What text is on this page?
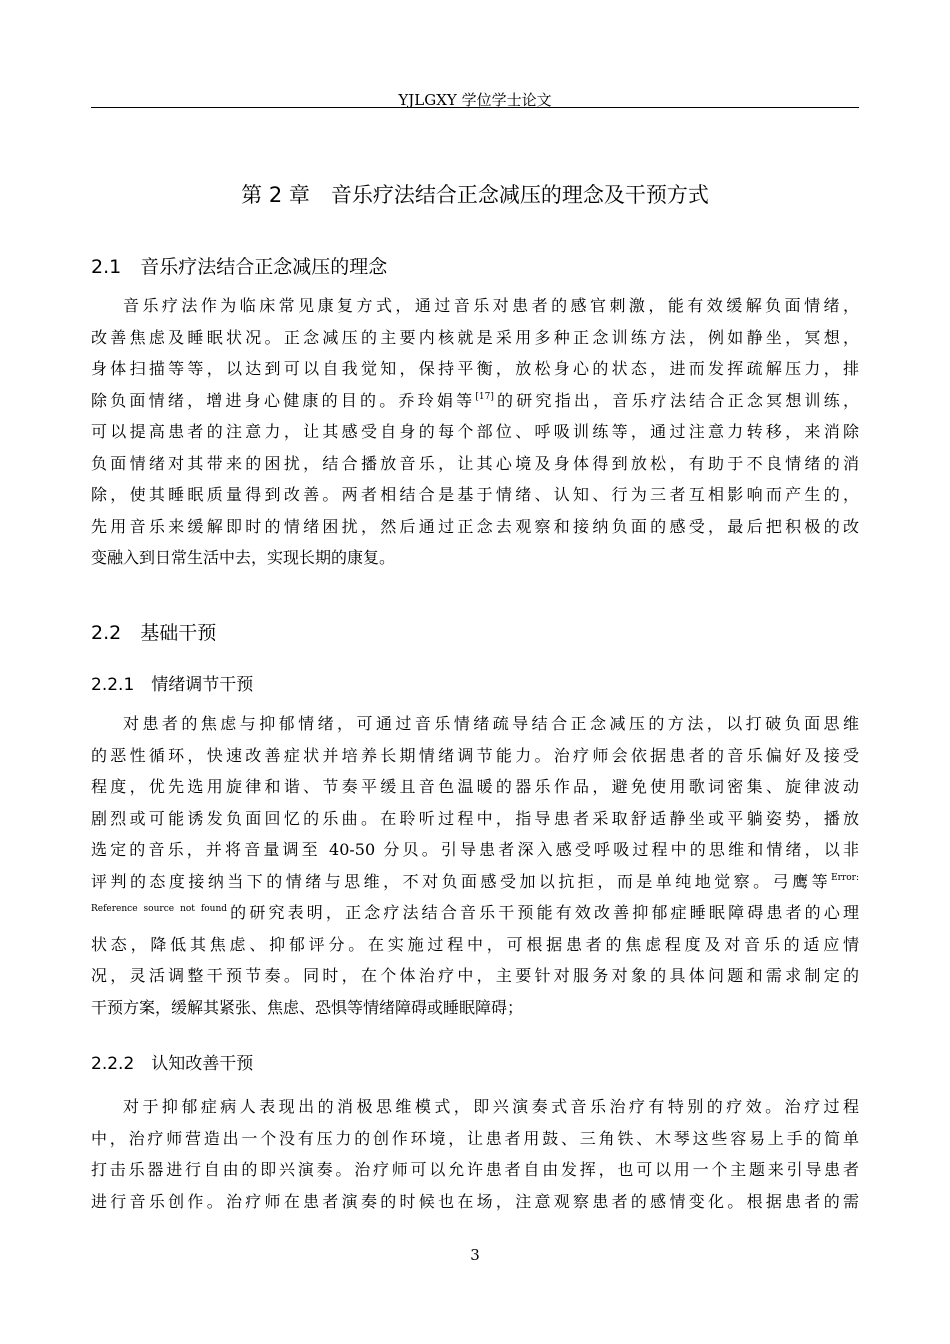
YJLGXY 学位学士论文
第 2 章　音乐疗法结合正念减压的理念及干预方式
2.1　音乐疗法结合正念减压的理念
音乐疗法作为临床常见康复方式，通过音乐对患者的感官刺激，能有效缓解负面情绪，
改善焦虑及睡眠状况。正念减压的主要内核就是采用多种正念训练方法，例如静坐，冥想，
身体扫描等等，以达到可以自我觉知，保持平衡，放松身心的状态，进而发挥疏解压力，排
除负面情绪，增进身心健康的目的。乔玲娟等[17]的研究指出，音乐疗法结合正念冥想训练，
可以提高患者的注意力，让其感受自身的每个部位、呼吸训练等，通过注意力转移，来消除
负面情绪对其带来的困扰，结合播放音乐，让其心境及身体得到放松，有助于不良情绪的消
除，使其睡眠质量得到改善。两者相结合是基于情绪、认知、行为三者互相影响而产生的，
先用音乐来缓解即时的情绪困扰，然后通过正念去观察和接纳负面的感受，最后把积极的改
变融入到日常生活中去，实现长期的康复。
2.2　基础干预
2.2.1　情绪调节干预
对患者的焦虑与抑郁情绪，可通过音乐情绪疏导结合正念减压的方法，以打破负面思维
的恶性循环，快速改善症状并培养长期情绪调节能力。治疗师会依据患者的音乐偏好及接受
程度，优先选用旋律和谐、节奏平缓且音色温暖的器乐作品，避免使用歌词密集、旋律波动
剧烈或可能诱发负面回忆的乐曲。在聆听过程中，指导患者采取舒适静坐或平躺姿势，播放
选定的音乐，并将音量调至 40-50 分贝。引导患者深入感受呼吸过程中的思维和情绪，以非
评判的态度接纳当下的情绪与思维，不对负面感受加以抗拒，而是单纯地觉察。弓鹰等$^{Error:}$
$^{Reference source not found}$的研究表明，正念疗法结合音乐干预能有效改善抑郁症睡眠障碍患者的心理
状态，降低其焦虑、抑郁评分。在实施过程中，可根据患者的焦虑程度及对音乐的适应情
况，灵活调整干预节奏。同时，在个体治疗中，主要针对服务对象的具体问题和需求制定的
干预方案，缓解其紧张、焦虑、恐惧等情绪障碍或睡眠障碍；
2.2.2　认知改善干预
对于抑郁症病人表现出的消极思维模式，即兴演奏式音乐治疗有特别的疗效。治疗过程
中，治疗师营造出一个没有压力的创作环境，让患者用鼓、三角铁、木琴这些容易上手的简单
打击乐器进行自由的即兴演奏。治疗师可以允许患者自由发挥，也可以用一个主题来引导患者
进行音乐创作。治疗师在患者演奏的时候也在场，注意观察患者的感情变化。根据患者的需
3
